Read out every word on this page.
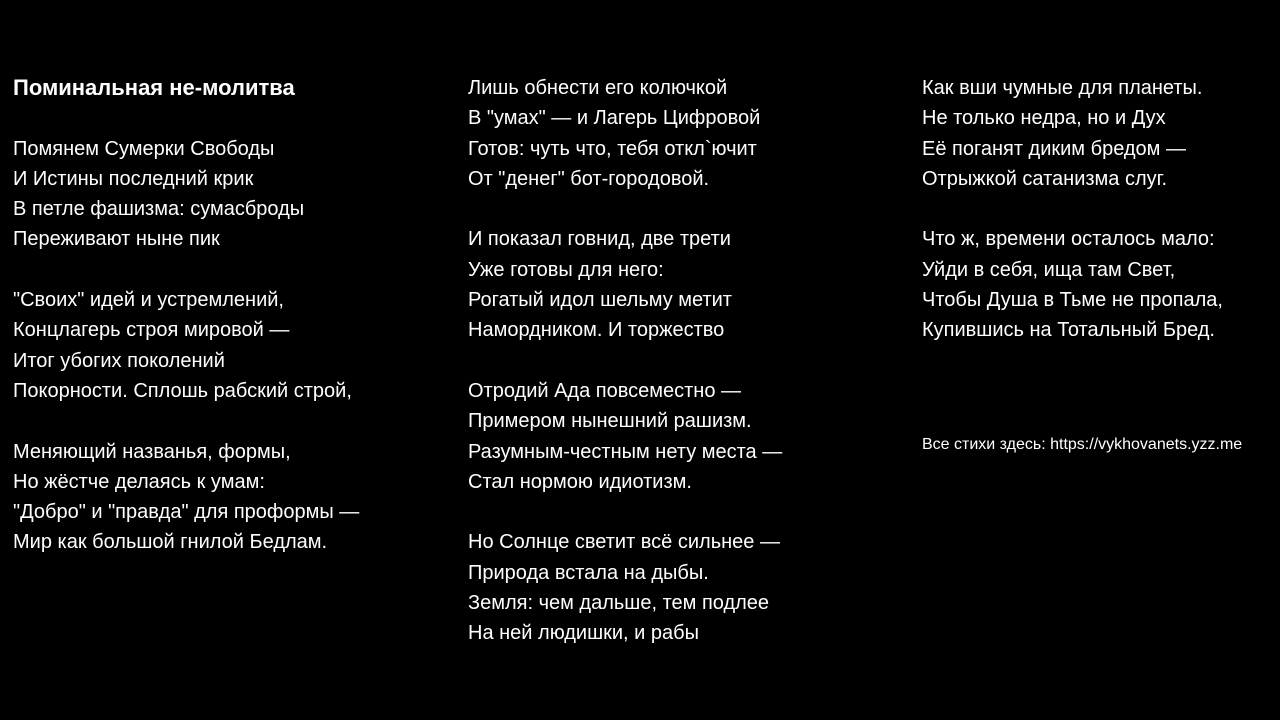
Поминальная не-молитва
Помянем Сумерки Свободы
И Истины последний крик
В петле фашизма: сумасброды
Переживают ныне пик
"Своих" идей и устремлений,
Концлагерь строя мировой —
Итог убогих поколений
Покорности. Сплошь рабский строй,
Меняющий названья, формы,
Но жёстче делаясь к умам:
"Добро" и "правда" для проформы —
Мир как большой гнилой Бедлам.
Лишь обнести его колючкой
В "умах" — и Лагерь Цифровой
Готов: чуть что, тебя откл`ючит
От "денег" бот-городовой.
И показал говнид, две трети
Уже готовы для него:
Рогатый идол шельму метит
Намордником. И торжество
Отродий Ада повсеместно —
Примером нынешний рашизм.
Разумным-честным нету места —
Стал нормою идиотизм.
Но Солнце светит всё сильнее —
Природа встала на дыбы.
Земля: чем дальше, тем подлее
На ней людишки, и рабы
Как вши чумные для планеты.
Не только недра, но и Дух
Её поганят диким бредом —
Отрыжкой сатанизма слуг.
Что ж, времени осталось мало:
Уйди в себя, ища там Свет,
Чтобы Душа в Тьме не пропала,
Купившись на Тотальный Бред.
Все стихи здесь: https://vykhovanets.yzz.me
